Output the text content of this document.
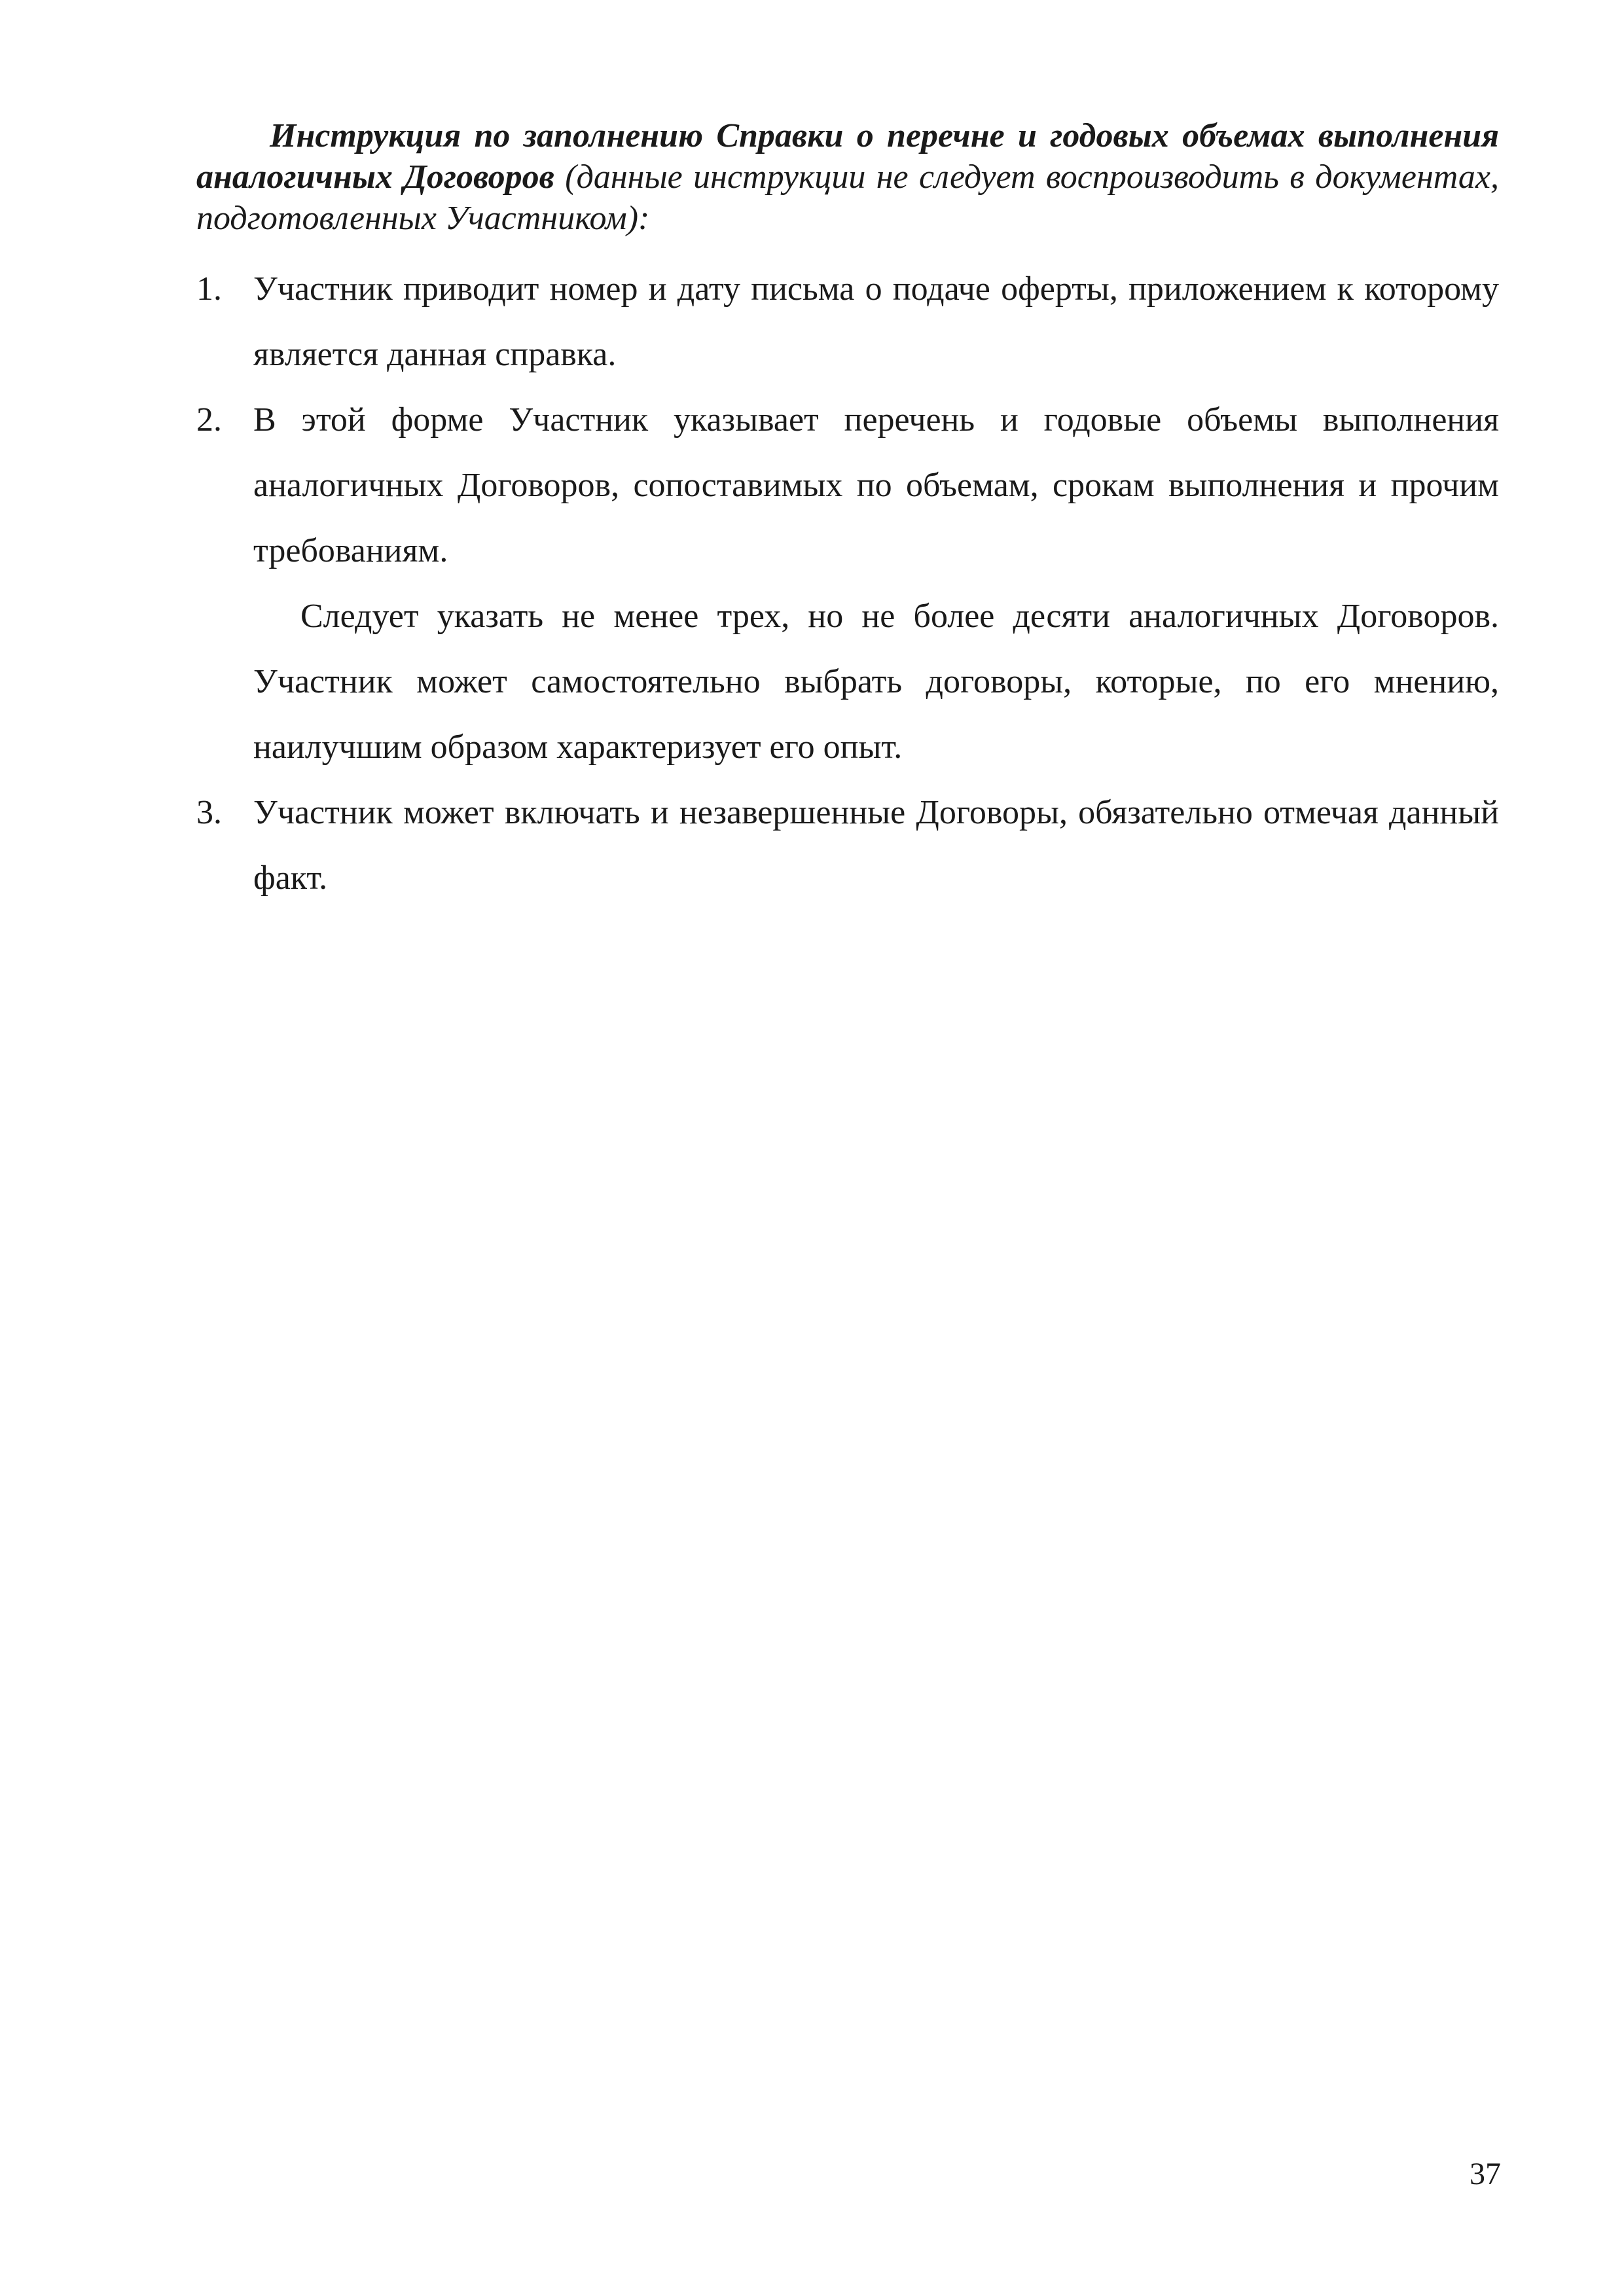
Инструкция по заполнению Справки о перечне и годовых объемах выполнения аналогичных Договоров (данные инструкции не следует воспроизводить в документах, подготовленных Участником):

1. Участник приводит номер и дату письма о подаче оферты, приложением к которому является данная справка.

2. В этой форме Участник указывает перечень и годовые объемы выполнения аналогичных Договоров, сопоставимых по объемам, срокам выполнения и прочим требованиям.

Следует указать не менее трех, но не более десяти аналогичных Договоров. Участник может самостоятельно выбрать договоры, которые, по его мнению, наилучшим образом характеризует его опыт.

3. Участник может включать и незавершенные Договоры, обязательно отмечая данный факт.

37
